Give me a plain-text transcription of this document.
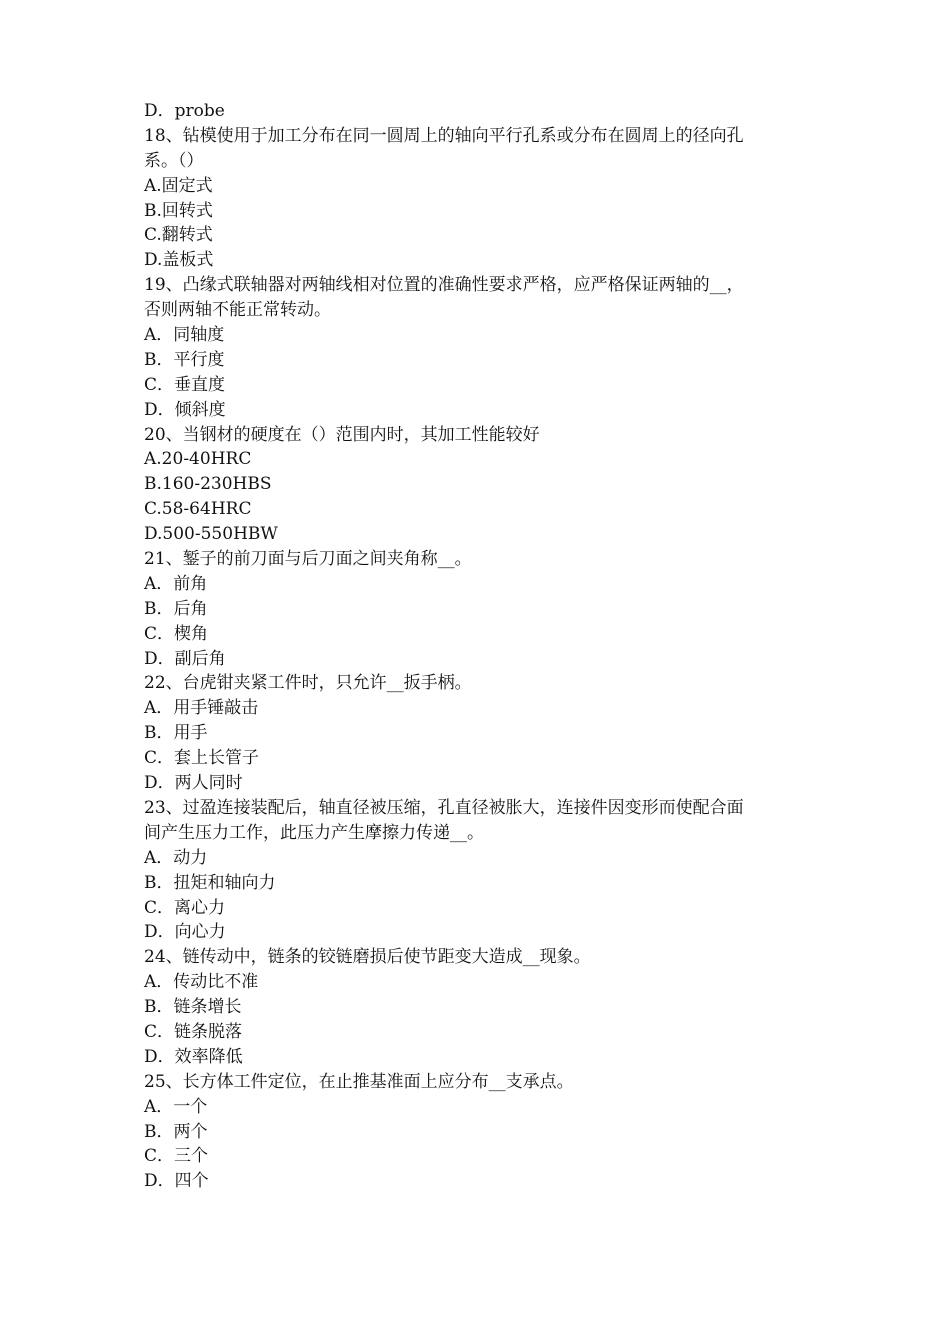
D．probe
18、钻模使用于加工分布在同一圆周上的轴向平行孔系或分布在圆周上的径向孔
系。（）
A.固定式
B.回转式
C.翻转式
D.盖板式
19、凸缘式联轴器对两轴线相对位置的准确性要求严格，应严格保证两轴的__，
否则两轴不能正常转动。
A．同轴度
B．平行度
C．垂直度
D．倾斜度
20、当钢材的硬度在（）范围内时，其加工性能较好
A.20-40HRC
B.160-230HBS
C.58-64HRC
D.500-550HBW
21、錾子的前刀面与后刀面之间夹角称__。
A．前角
B．后角
C．楔角
D．副后角
22、台虎钳夹紧工件时，只允许__扳手柄。
A．用手锤敲击
B．用手
C．套上长管子
D．两人同时
23、过盈连接装配后，轴直径被压缩，孔直径被胀大，连接件因变形而使配合面
间产生压力工作，此压力产生摩擦力传递__。
A．动力
B．扭矩和轴向力
C．离心力
D．向心力
24、链传动中，链条的铰链磨损后使节距变大造成__现象。
A．传动比不准
B．链条增长
C．链条脱落
D．效率降低
25、长方体工件定位，在止推基准面上应分布__支承点。
A．一个
B．两个
C．三个
D．四个
